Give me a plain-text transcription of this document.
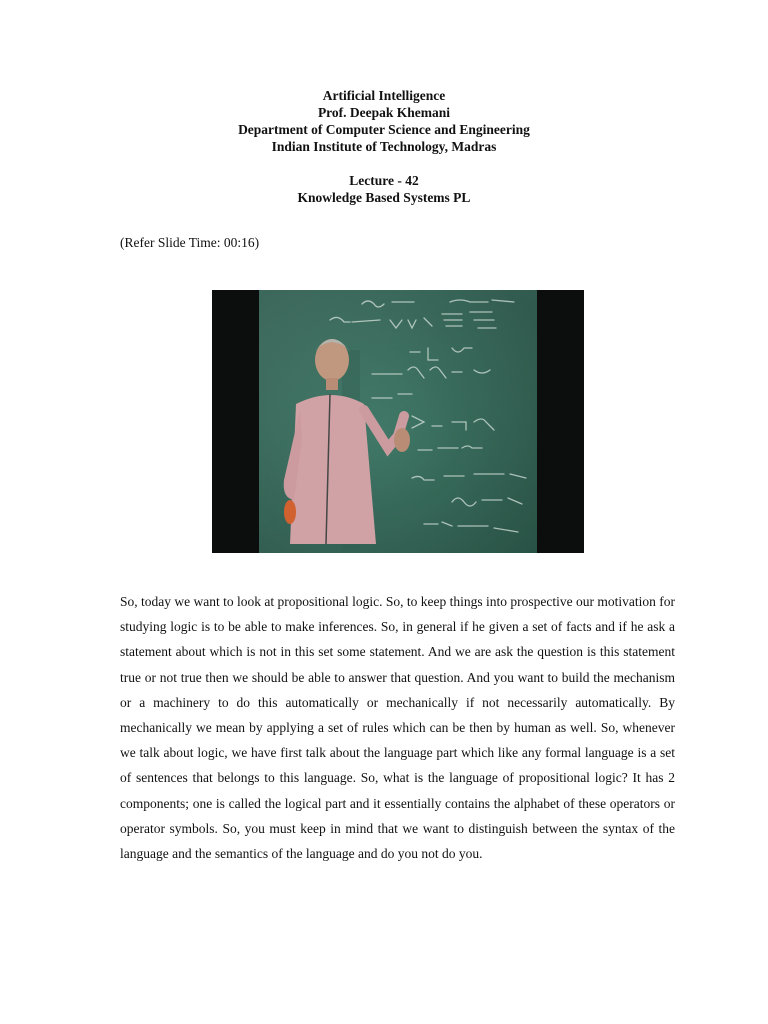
Artificial Intelligence
Prof. Deepak Khemani
Department of Computer Science and Engineering
Indian Institute of Technology, Madras
Lecture - 42
Knowledge Based Systems PL
(Refer Slide Time: 00:16)
So, today we want to look at propositional logic. So, to keep things into prospective our motivation for studying logic is to be able to make inferences. So, in general if he given a set of facts and if he ask a statement about which is not in this set some statement. And we are ask the question is this statement true or not true then we should be able to answer that question. And you want to build the mechanism or a machinery to do this automatically or mechanically if not necessarily automatically. By mechanically we mean by applying a set of rules which can be then by human as well. So, whenever we talk about logic, we have first talk about the language part which like any formal language is a set of sentences that belongs to this language. So, what is the language of propositional logic? It has 2 components; one is called the logical part and it essentially contains the alphabet of these operators or operator symbols. So, you must keep in mind that we want to distinguish between the syntax of the language and the semantics of the language and do you not do you.
